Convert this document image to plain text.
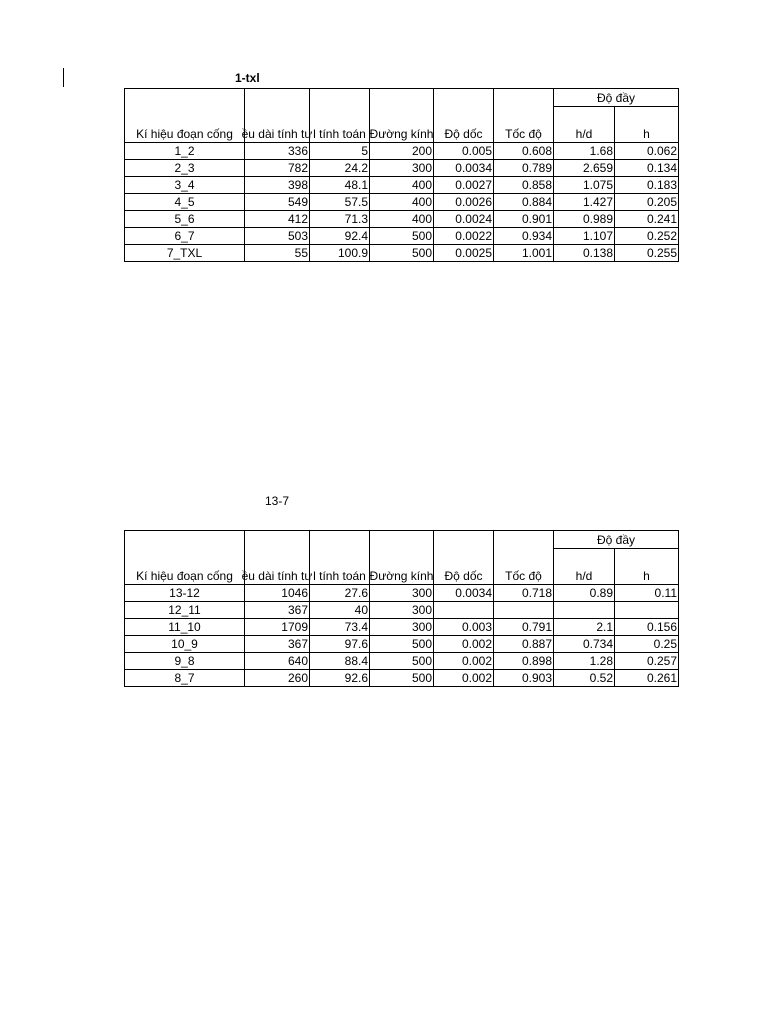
1-txl
Kí hiệu đoạn cống	ều dài tính tư	l tính toán	Đường kính	Độ dốc	Tốc độ	Độ đầy	
						h/d	h
1_2	336	5	200	0.005	0.608	1.68	0.062
2_3	782	24.2	300	0.0034	0.789	2.659	0.134
3_4	398	48.1	400	0.0027	0.858	1.075	0.183
4_5	549	57.5	400	0.0026	0.884	1.427	0.205
5_6	412	71.3	400	0.0024	0.901	0.989	0.241
6_7	503	92.4	500	0.0022	0.934	1.107	0.252
7_TXL	55	100.9	500	0.0025	1.001	0.138	0.255
13-7
Kí hiệu đoạn cống	ều dài tính tư	l tính toán	Đường kính	Độ dốc	Tốc độ	Độ đầy	
						h/d	h
13-12	1046	27.6	300	0.0034	0.718	0.89	0.11
12_11	367	40	300				
11_10	1709	73.4	300	0.003	0.791	2.1	0.156
10_9	367	97.6	500	0.002	0.887	0.734	0.25
9_8	640	88.4	500	0.002	0.898	1.28	0.257
8_7	260	92.6	500	0.002	0.903	0.52	0.261
